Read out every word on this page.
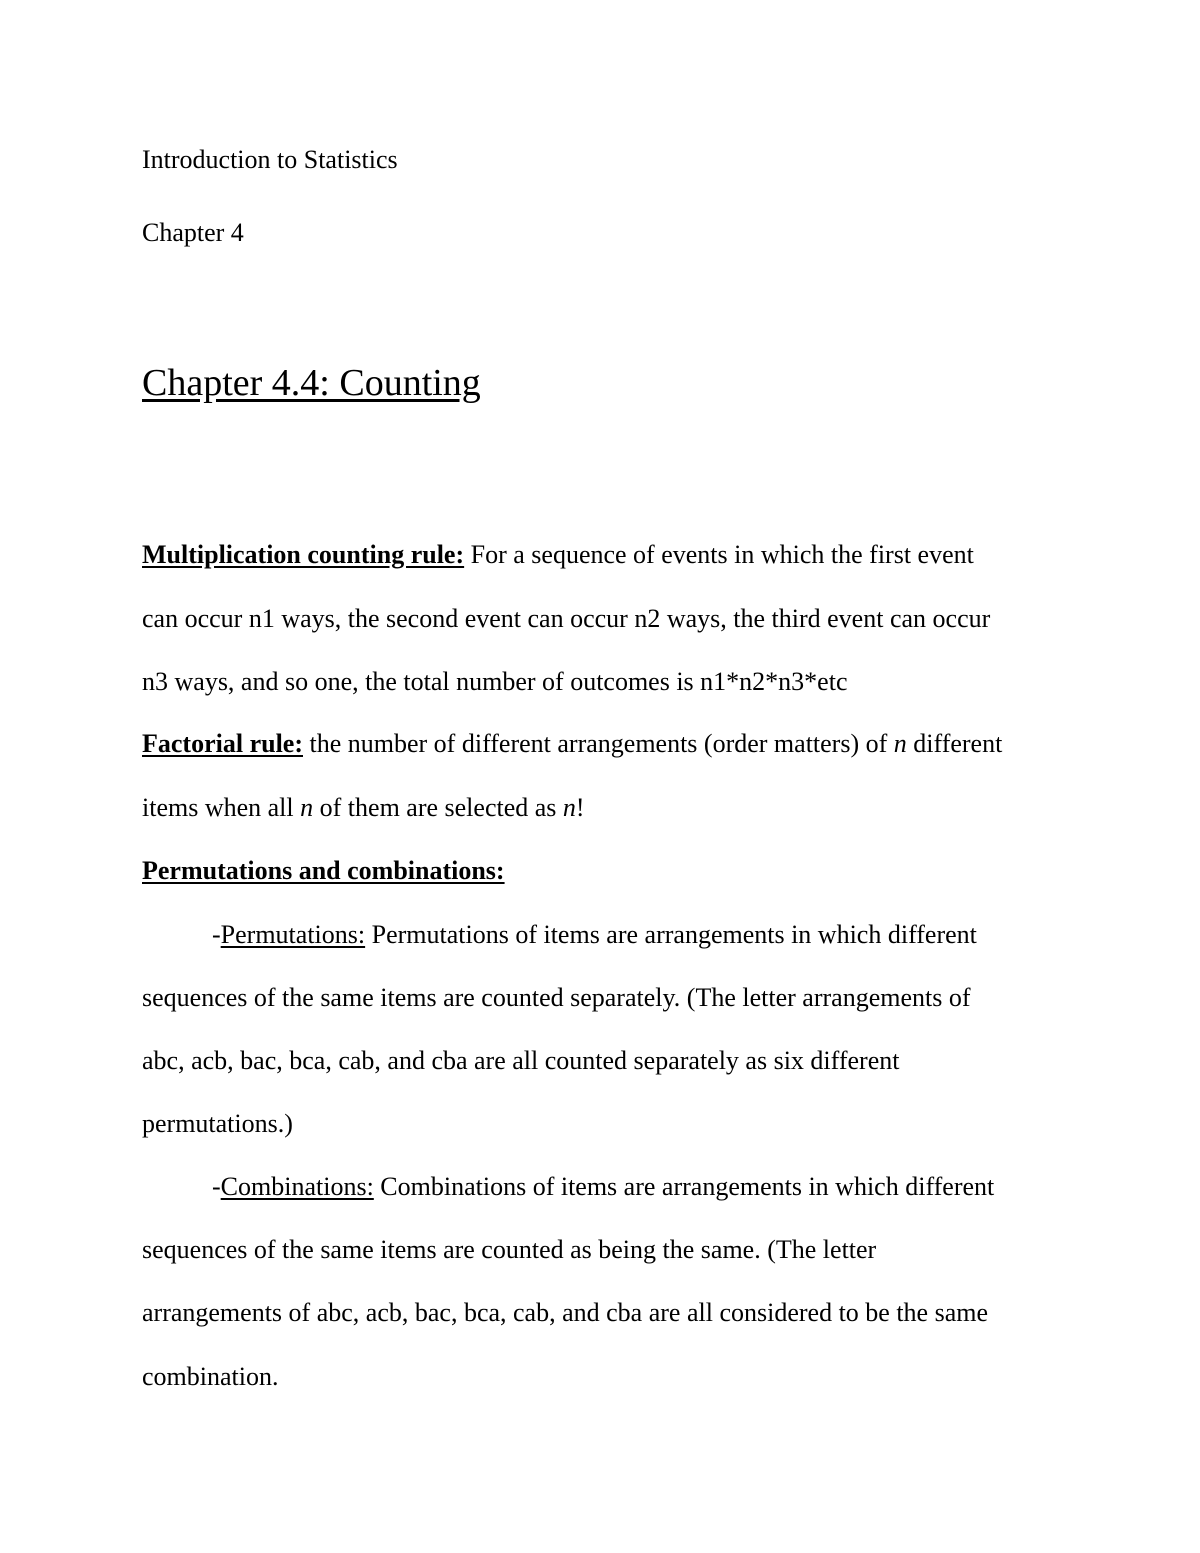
Introduction to Statistics
Chapter 4
Chapter 4.4: Counting
Multiplication counting rule: For a sequence of events in which the first event
can occur n1 ways, the second event can occur n2 ways, the third event can occur
n3 ways, and so one, the total number of outcomes is n1*n2*n3*etc
Factorial rule: the number of different arrangements (order matters) of n different
items when all n of them are selected as n!
Permutations and combinations:
-Permutations: Permutations of items are arrangements in which different
sequences of the same items are counted separately. (The letter arrangements of
abc, acb, bac, bca, cab, and cba are all counted separately as six different
permutations.)
-Combinations: Combinations of items are arrangements in which different
sequences of the same items are counted as being the same. (The letter
arrangements of abc, acb, bac, bca, cab, and cba are all considered to be the same
combination.
